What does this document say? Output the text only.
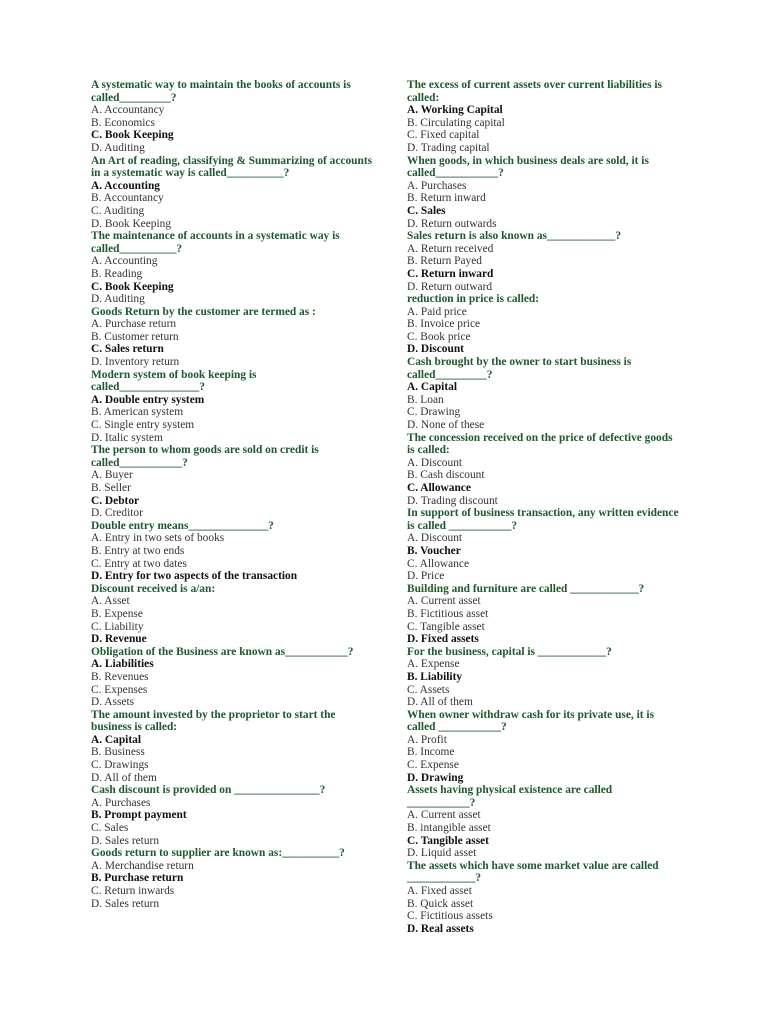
A systematic way to maintain the books of accounts is called_________?
A. Accountancy
B. Economics
C. Book Keeping
D. Auditing
An Art of reading, classifying & Summarizing of accounts in a systematic way is called__________?
A. Accounting
B. Accountancy
C. Auditing
D. Book Keeping
The maintenance of accounts in a systematic way is called__________?
A. Accounting
B. Reading
C. Book Keeping
D. Auditing
Goods Return by the customer are termed as :
A. Purchase return
B. Customer return
C. Sales return
D. Inventory return
Modern system of book keeping is called______________?
A. Double entry system
B. American system
C. Single entry system
D. Italic system
The person to whom goods are sold on credit is called___________?
A. Buyer
B. Seller
C. Debtor
D. Creditor
Double entry means______________?
A. Entry in two sets of books
B. Entry at two ends
C. Entry at two dates
D. Entry for two aspects of the transaction
Discount received is a/an:
A. Asset
B. Expense
C. Liability
D. Revenue
Obligation of the Business are known as___________?
A. Liabilities
B. Revenues
C. Expenses
D. Assets
The amount invested by the proprietor to start the business is called:
A. Capital
B. Business
C. Drawings
D. All of them
Cash discount is provided on _______________?
A. Purchases
B. Prompt payment
C. Sales
D. Sales return
Goods return to supplier are known as:__________?
A. Merchandise return
B. Purchase return
C. Return inwards
D. Sales return
The excess of current assets over current liabilities is called:
A. Working Capital
B. Circulating capital
C. Fixed capital
D. Trading capital
When goods, in which business deals are sold, it is called___________?
A. Purchases
B. Return inward
C. Sales
D. Return outwards
Sales return is also known as____________?
A. Return received
B. Return Payed
C. Return inward
D. Return outward
reduction in price is called:
A. Paid price
B. Invoice price
C. Book price
D. Discount
Cash brought by the owner to start business is called_________?
A. Capital
B. Loan
C. Drawing
D. None of these
The concession received on the price of defective goods is called:
A. Discount
B. Cash discount
C. Allowance
D. Trading discount
In support of business transaction, any written evidence is called ___________?
A. Discount
B. Voucher
C. Allowance
D. Price
Building and furniture are called ____________?
A. Current asset
B. Fictitious asset
C. Tangible asset
D. Fixed assets
For the business, capital is ____________?
A. Expense
B. Liability
C. Assets
D. All of them
When owner withdraw cash for its private use, it is called ___________?
A. Profit
B. Income
C. Expense
D. Drawing
Assets having physical existence are called ___________?
A. Current asset
B. intangible asset
C. Tangible asset
D. Liquid asset
The assets which have some market value are called ____________?
A. Fixed asset
B. Quick asset
C. Fictitious assets
D. Real assets
